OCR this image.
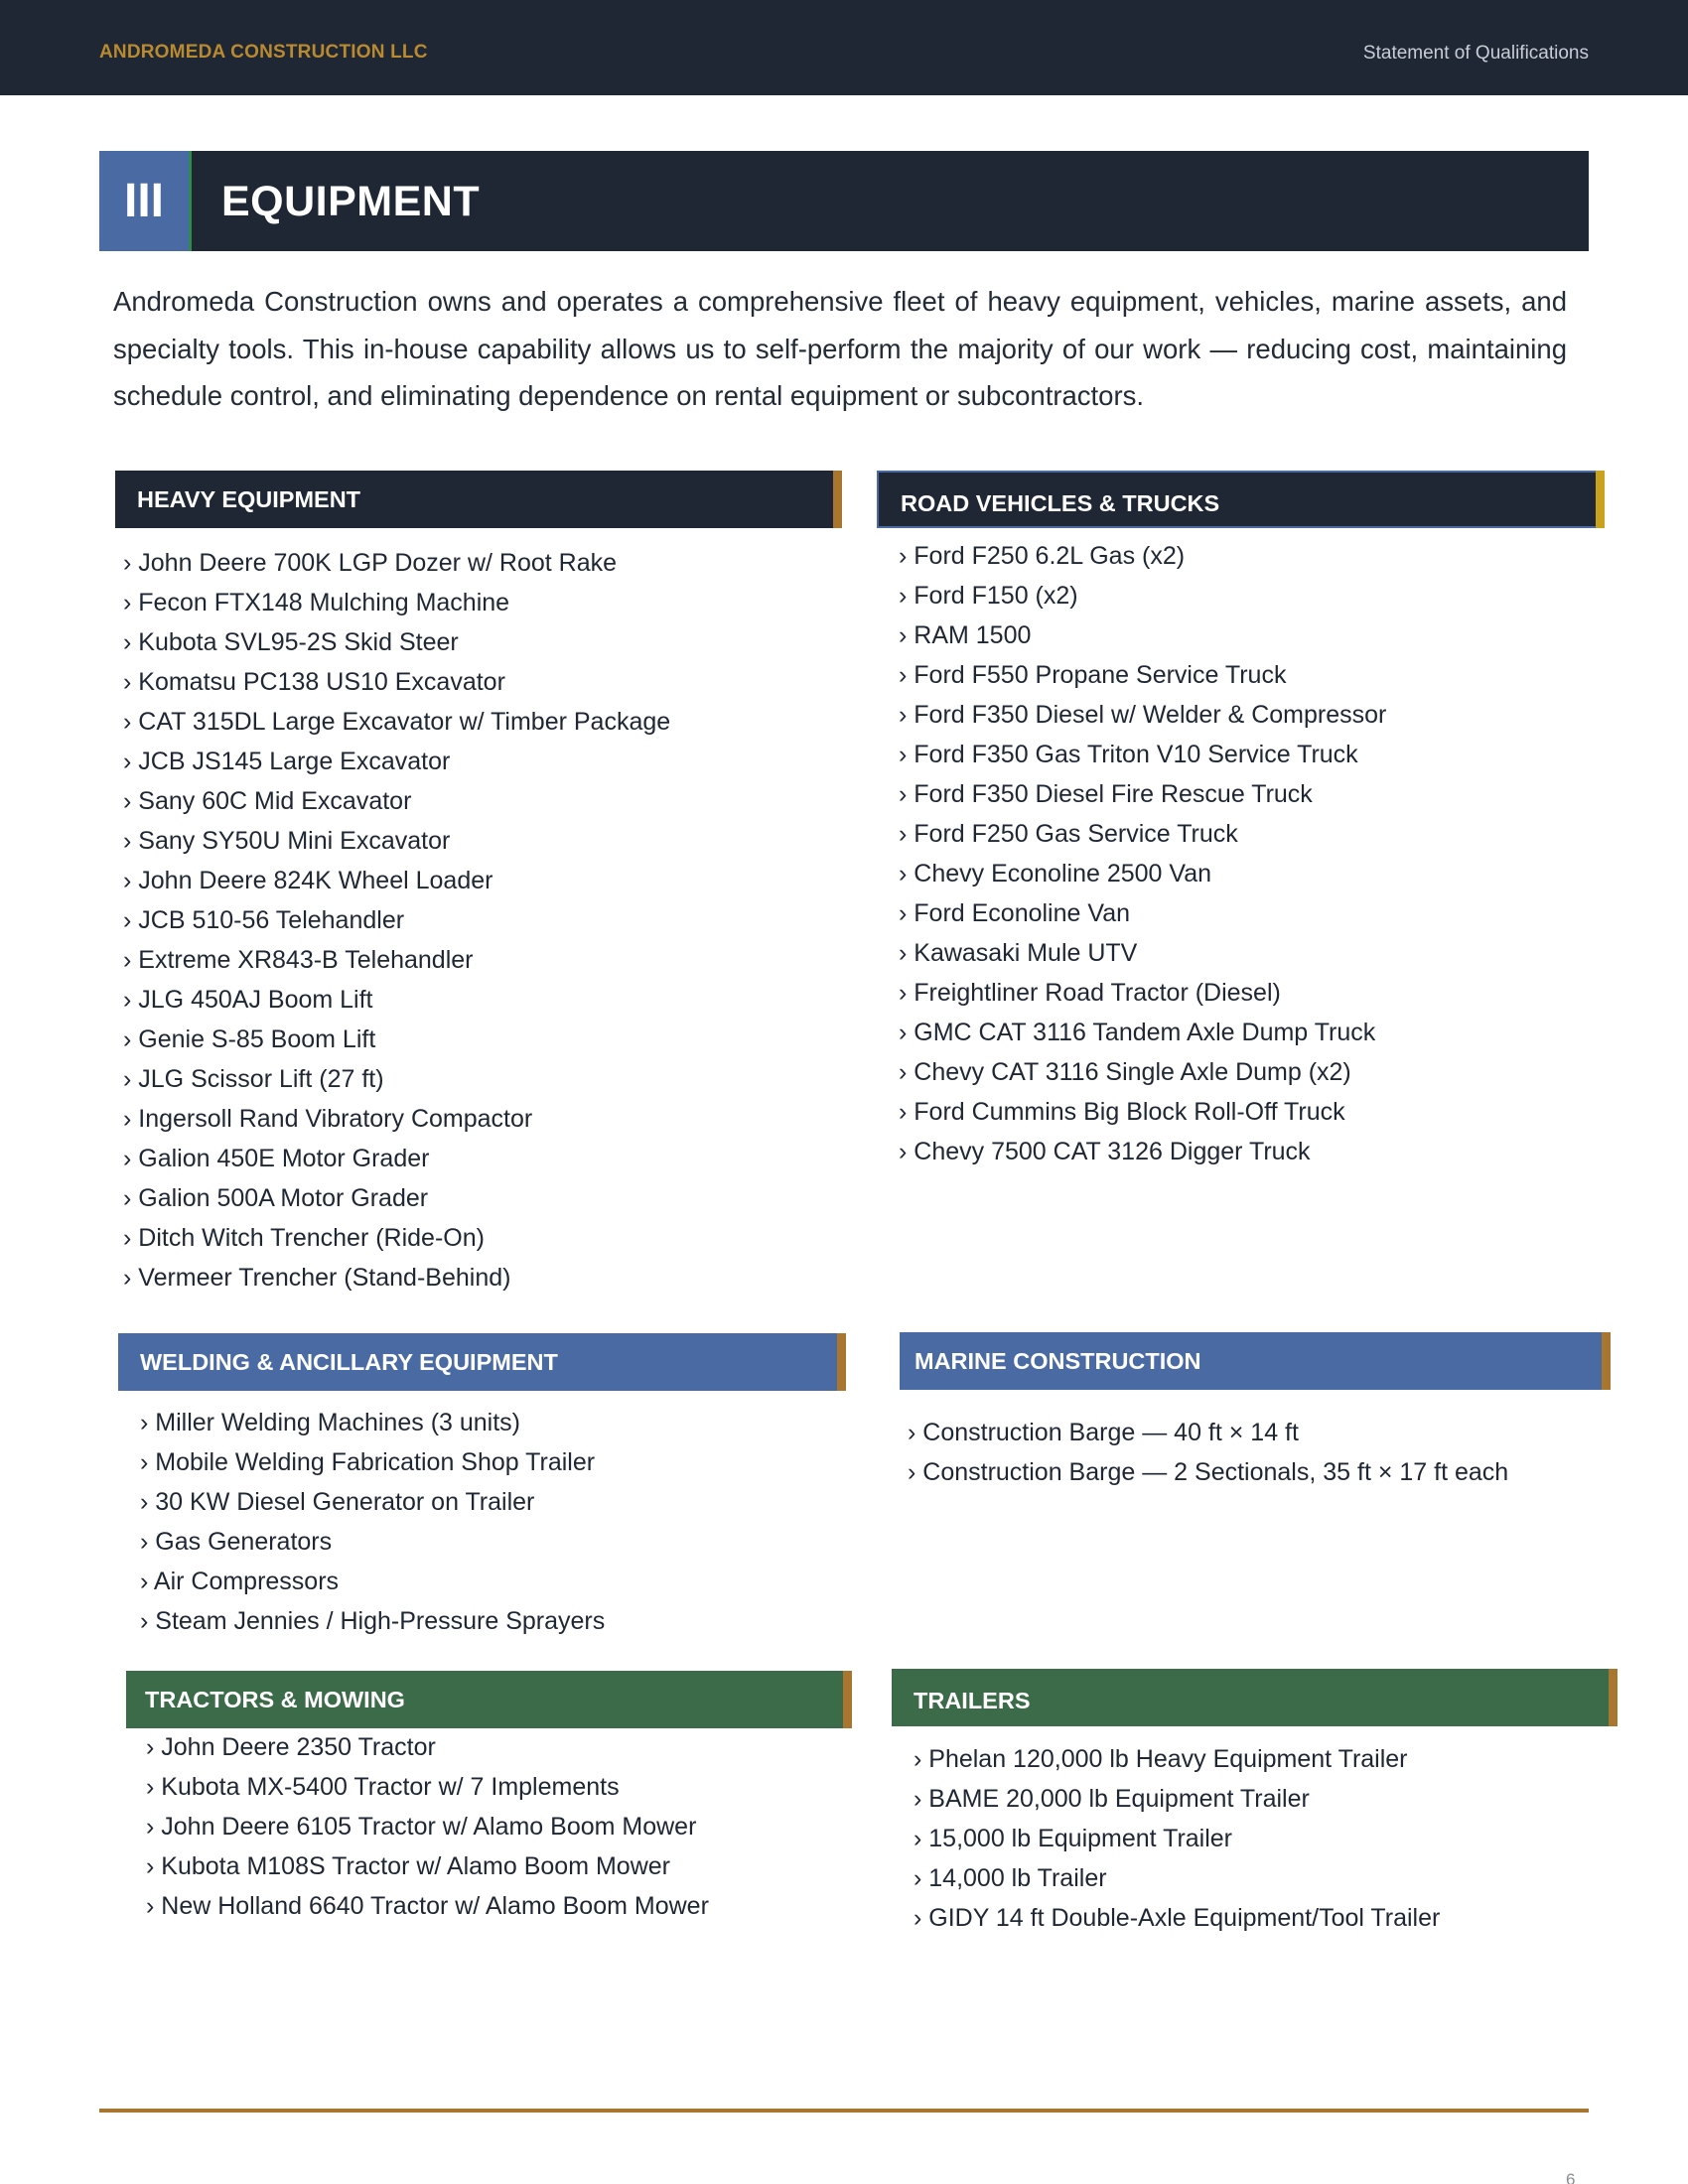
ANDROMEDA CONSTRUCTION LLC	Statement of Qualifications
III	EQUIPMENT

Andromeda Construction owns and operates a comprehensive fleet of heavy equipment, vehicles, marine assets, and specialty tools. This in-house capability allows us to self-perform the majority of our work — reducing cost, maintaining schedule control, and eliminating dependence on rental equipment or subcontractors.

HEAVY EQUIPMENT
› John Deere 700K LGP Dozer w/ Root Rake
› Fecon FTX148 Mulching Machine
› Kubota SVL95-2S Skid Steer
› Komatsu PC138 US10 Excavator
› CAT 315DL Large Excavator w/ Timber Package
› JCB JS145 Large Excavator
› Sany 60C Mid Excavator
› Sany SY50U Mini Excavator
› John Deere 824K Wheel Loader
› JCB 510-56 Telehandler
› Extreme XR843-B Telehandler
› JLG 450AJ Boom Lift
› Genie S-85 Boom Lift
› JLG Scissor Lift (27 ft)
› Ingersoll Rand Vibratory Compactor
› Galion 450E Motor Grader
› Galion 500A Motor Grader
› Ditch Witch Trencher (Ride-On)
› Vermeer Trencher (Stand-Behind)
ROAD VEHICLES & TRUCKS
› Ford F250 6.2L Gas (x2)
› Ford F150 (x2)
› RAM 1500
› Ford F550 Propane Service Truck
› Ford F350 Diesel w/ Welder & Compressor
› Ford F350 Gas Triton V10 Service Truck
› Ford F350 Diesel Fire Rescue Truck
› Ford F250 Gas Service Truck
› Chevy Econoline 2500 Van
› Ford Econoline Van
› Kawasaki Mule UTV
› Freightliner Road Tractor (Diesel)
› GMC CAT 3116 Tandem Axle Dump Truck
› Chevy CAT 3116 Single Axle Dump (x2)
› Ford Cummins Big Block Roll-Off Truck
› Chevy 7500 CAT 3126 Digger Truck
WELDING & ANCILLARY EQUIPMENT
› Miller Welding Machines (3 units)
› Mobile Welding Fabrication Shop Trailer
› 30 KW Diesel Generator on Trailer
› Gas Generators
› Air Compressors
› Steam Jennies / High-Pressure Sprayers
MARINE CONSTRUCTION
› Construction Barge — 40 ft × 14 ft
› Construction Barge — 2 Sectionals, 35 ft × 17 ft each
TRACTORS & MOWING
› John Deere 2350 Tractor
› Kubota MX-5400 Tractor w/ 7 Implements
› John Deere 6105 Tractor w/ Alamo Boom Mower
› Kubota M108S Tractor w/ Alamo Boom Mower
› New Holland 6640 Tractor w/ Alamo Boom Mower
TRAILERS
› Phelan 120,000 lb Heavy Equipment Trailer
› BAME 20,000 lb Equipment Trailer
› 15,000 lb Equipment Trailer
› 14,000 lb Trailer
› GIDY 14 ft Double-Axle Equipment/Tool Trailer
6
